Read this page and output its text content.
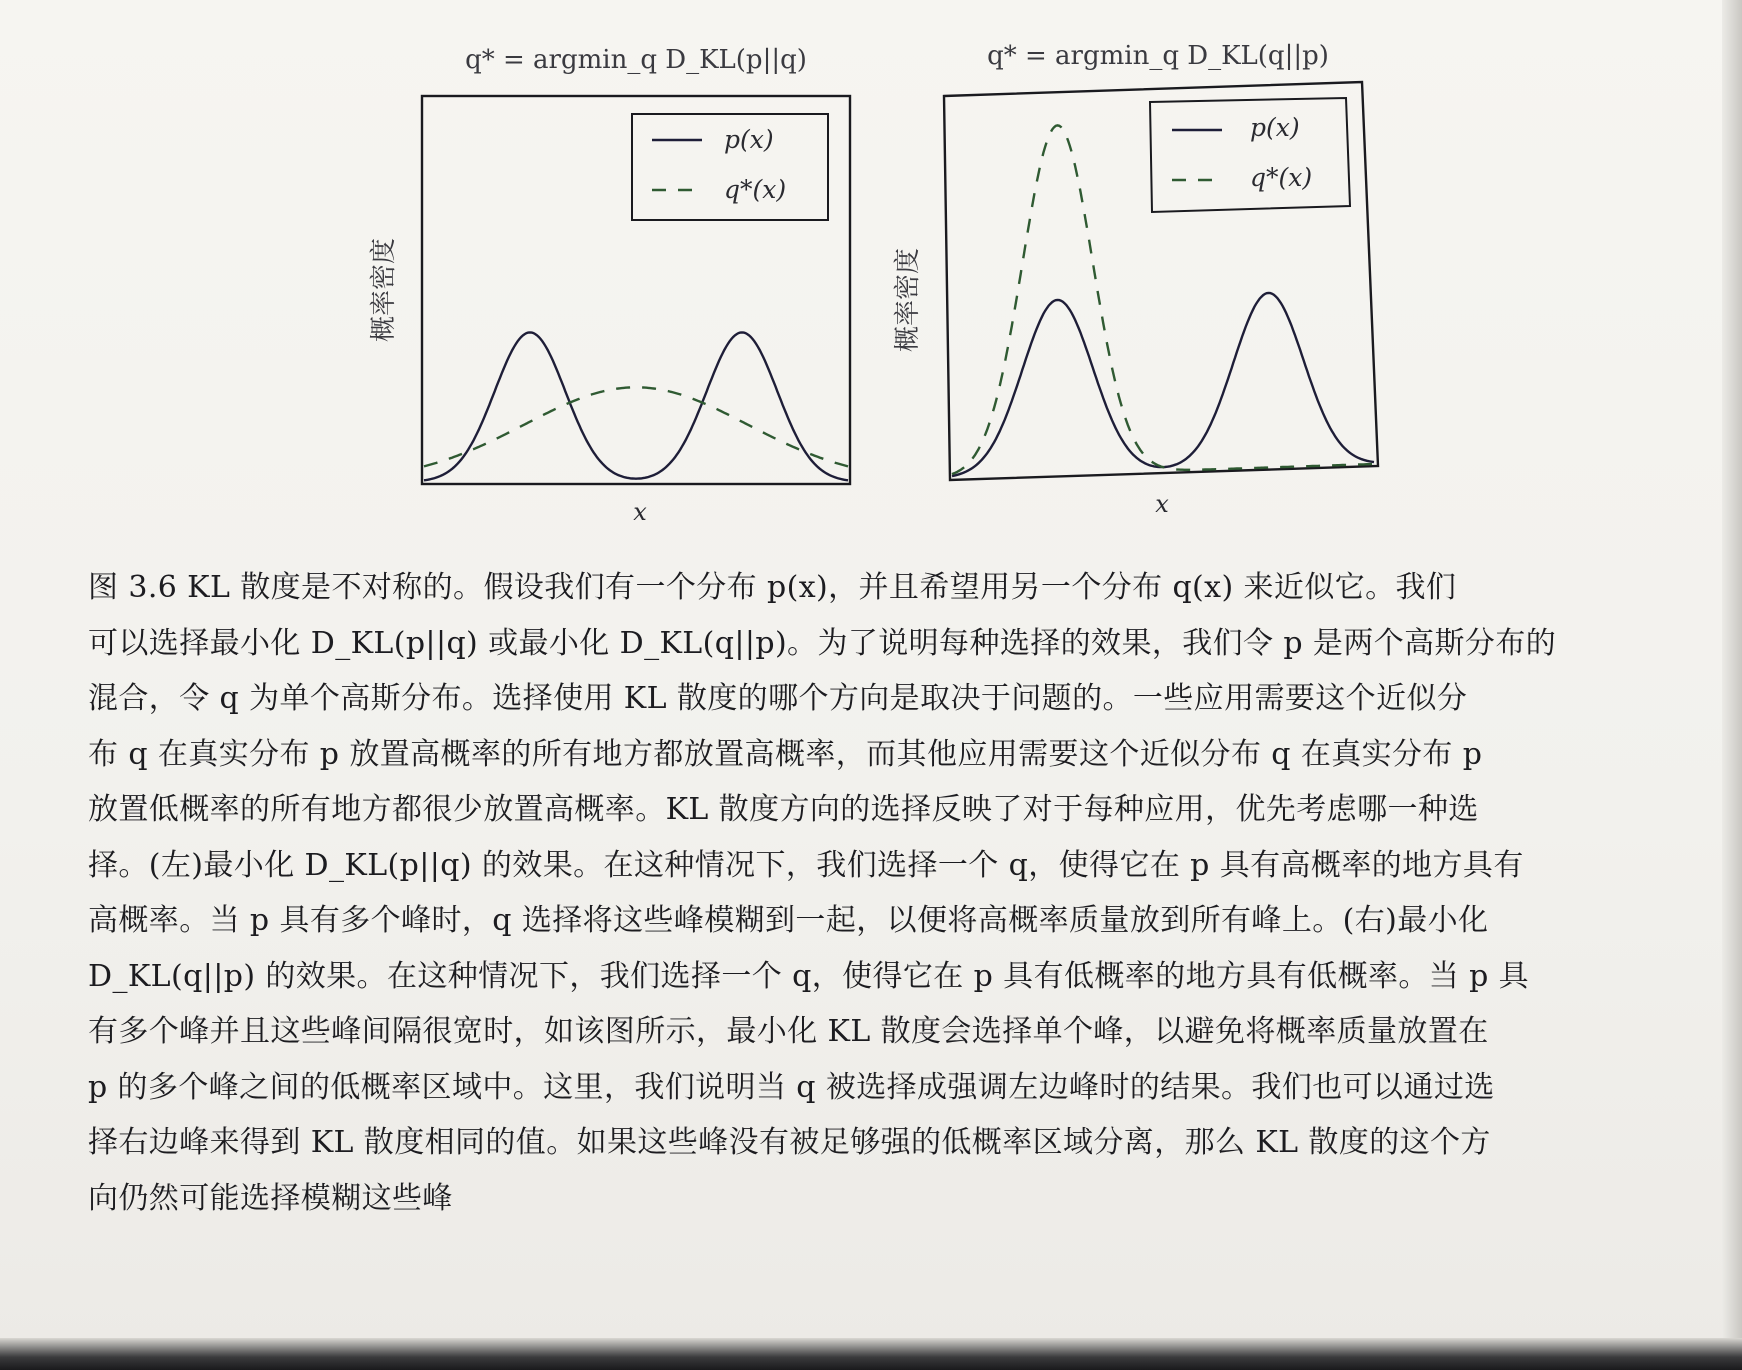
q* = argmin_q D_KL(p||q)
p(x)
q*(x)
x
概率密度
q* = argmin_q D_KL(q||p)
p(x)
q*(x)
x
概率密度
图 3.6 KL 散度是不对称的。假设我们有一个分布 p(x)，并且希望用另一个分布 q(x) 来近似它。我们
可以选择最小化 D_KL(p||q) 或最小化 D_KL(q||p)。为了说明每种选择的效果，我们令 p 是两个高斯分布的
混合，令 q 为单个高斯分布。选择使用 KL 散度的哪个方向是取决于问题的。一些应用需要这个近似分
布 q 在真实分布 p 放置高概率的所有地方都放置高概率，而其他应用需要这个近似分布 q 在真实分布 p
放置低概率的所有地方都很少放置高概率。KL 散度方向的选择反映了对于每种应用，优先考虑哪一种选
择。(左)最小化 D_KL(p||q) 的效果。在这种情况下，我们选择一个 q，使得它在 p 具有高概率的地方具有
高概率。当 p 具有多个峰时，q 选择将这些峰模糊到一起，以便将高概率质量放到所有峰上。(右)最小化
D_KL(q||p) 的效果。在这种情况下，我们选择一个 q，使得它在 p 具有低概率的地方具有低概率。当 p 具
有多个峰并且这些峰间隔很宽时，如该图所示，最小化 KL 散度会选择单个峰，以避免将概率质量放置在
p 的多个峰之间的低概率区域中。这里，我们说明当 q 被选择成强调左边峰时的结果。我们也可以通过选
择右边峰来得到 KL 散度相同的值。如果这些峰没有被足够强的低概率区域分离，那么 KL 散度的这个方
向仍然可能选择模糊这些峰
